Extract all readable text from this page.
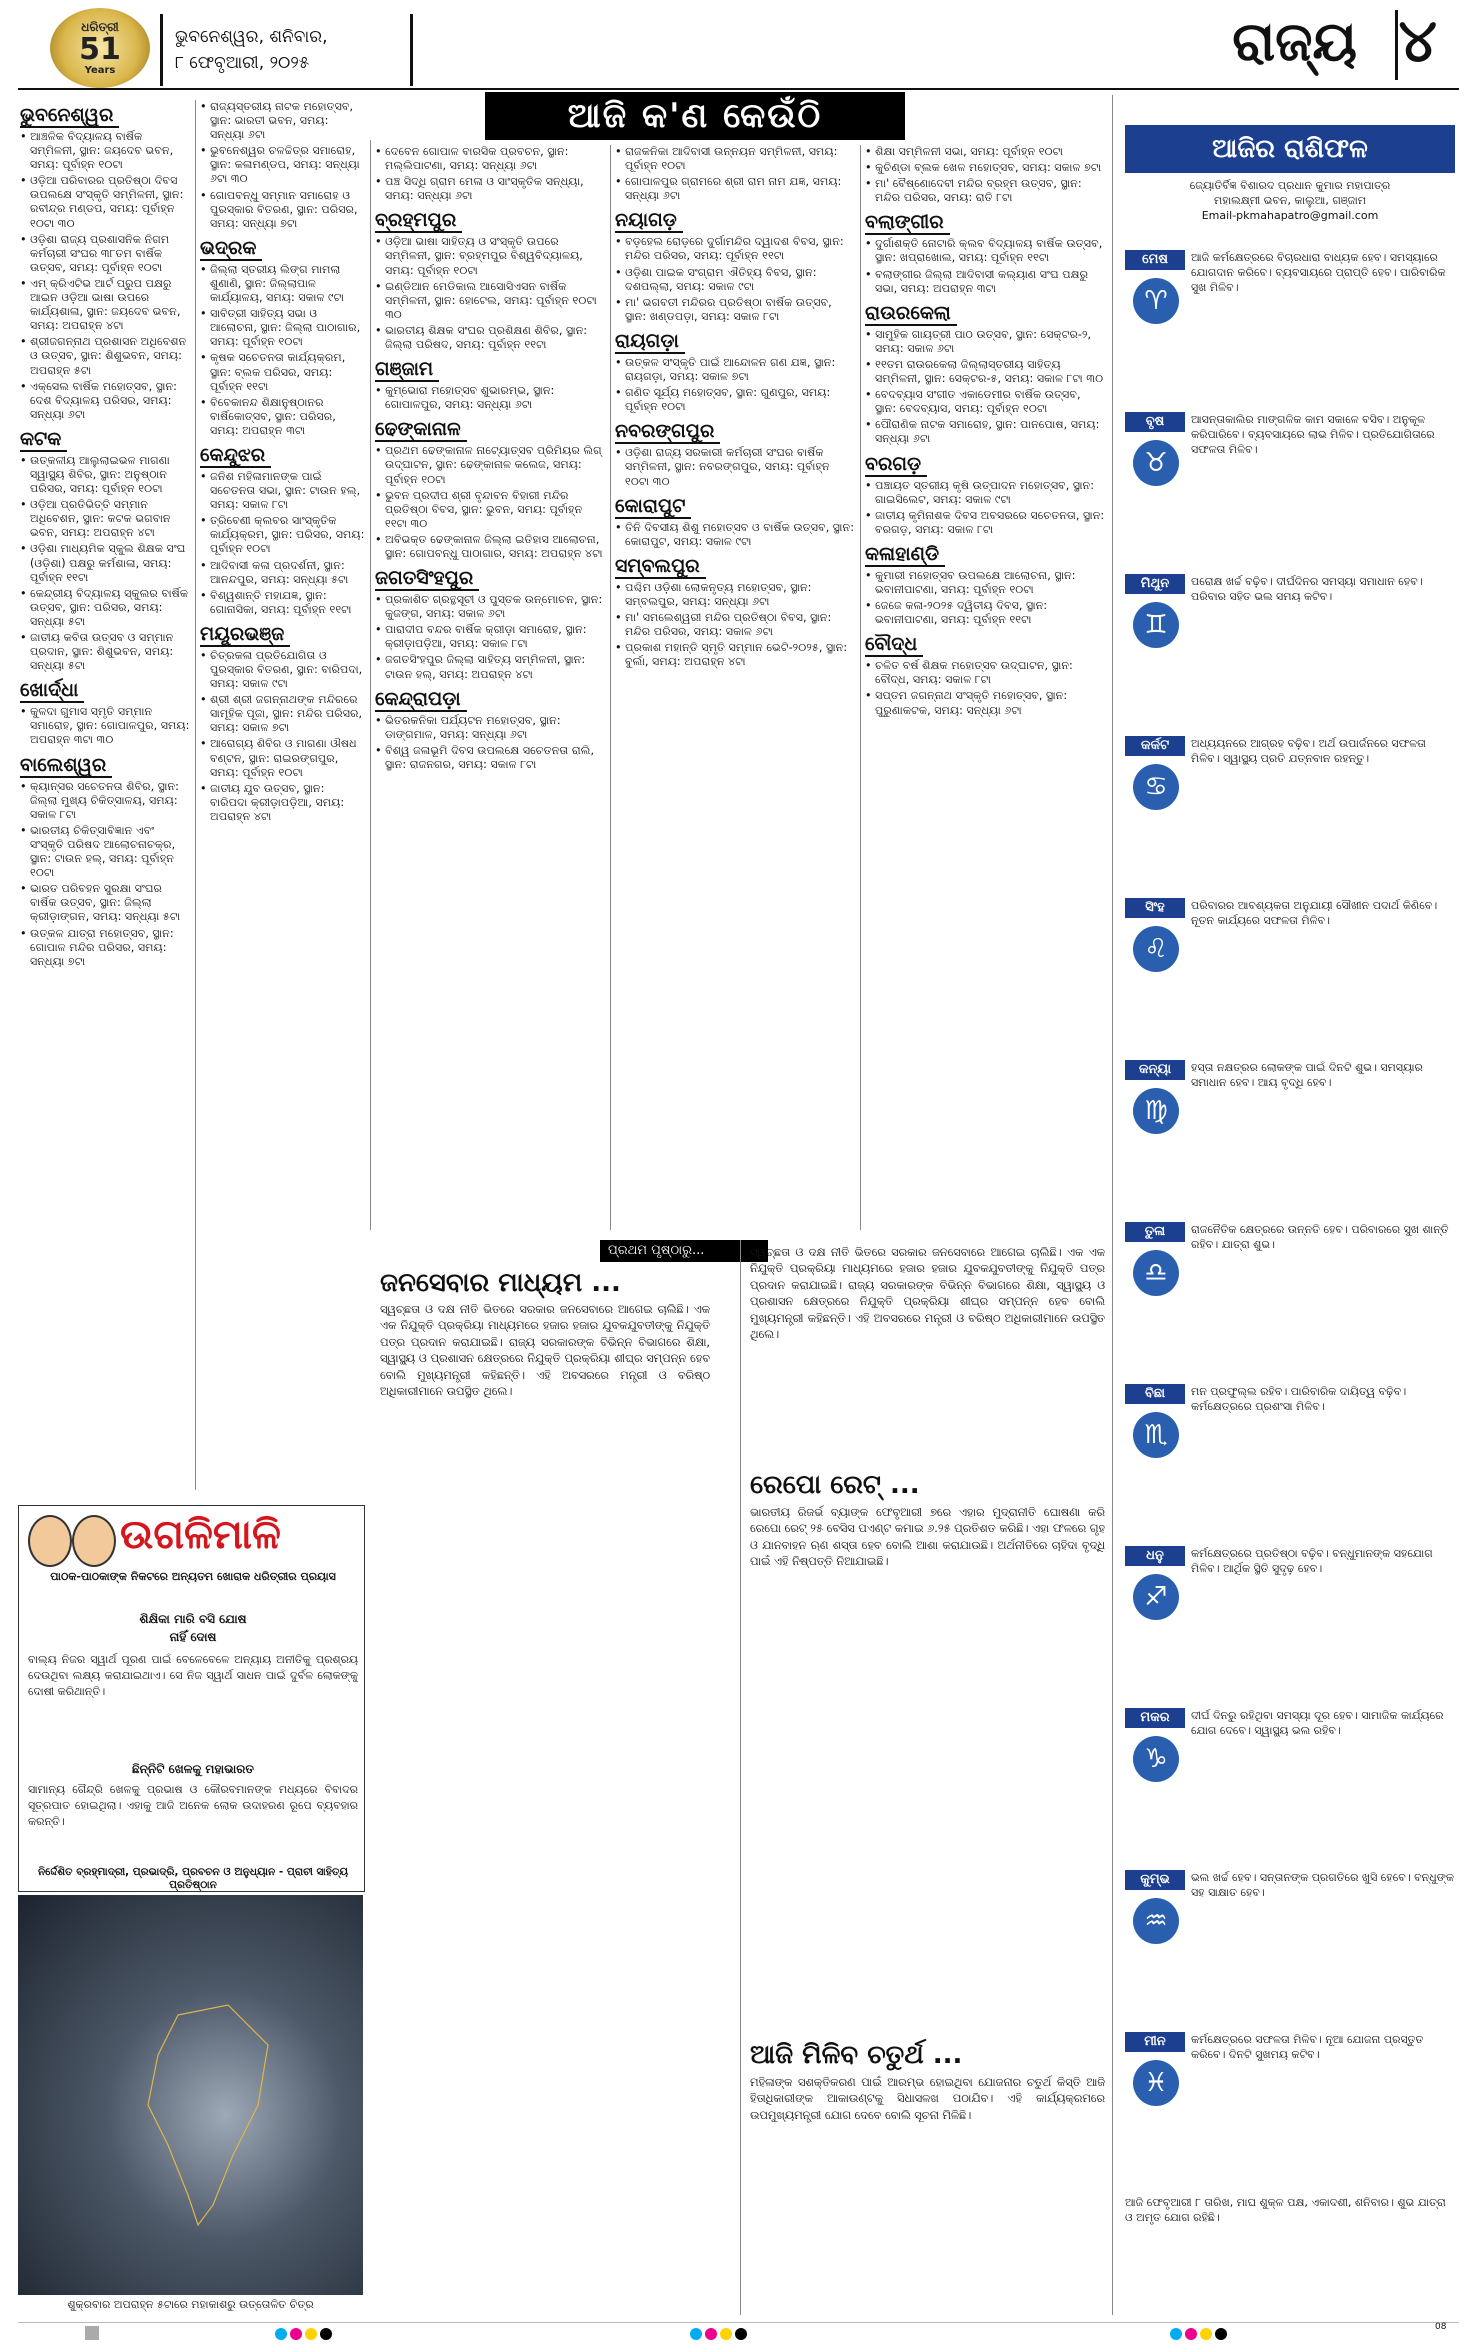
ଧରିତ୍ରୀ
51
Years
ଭୁବନେଶ୍ୱର, ଶନିବାର,
୮ ଫେବୃଆରୀ, ୨୦୨୫	ରାଜ୍ୟ ୪
ଆଜି କ'ଣ କେଉଁଠି
ଭୁବନେଶ୍ୱର
• ଆଞ୍ଚଳିକ ବିଦ୍ୟାଳୟ ବାର୍ଷିକ ସମ୍ମିଳନୀ, ସ୍ଥାନ: ଜୟଦେବ ଭବନ, ସମୟ: ପୂର୍ବାହ୍ନ ୧୦ଟା
• ଓଡ଼ିଆ ପରିବାରର ପ୍ରତିଷ୍ଠା ଦିବସ ଉପଲକ୍ଷେ ସଂସ୍କୃତି ସମ୍ମିଳନୀ, ସ୍ଥାନ: ରବୀନ୍ଦ୍ର ମଣ୍ଡପ, ସମୟ: ପୂର୍ବାହ୍ନ ୧୦ଟା ୩୦
• ଓଡ଼ିଶା ରାଜ୍ୟ ପ୍ରଶାସନିକ ନିଗମ କର୍ମଚାରୀ ସଂଘର ୩୮ତମ ବାର୍ଷିକ ଉତ୍ସବ, ସମୟ: ପୂର୍ବାହ୍ନ ୧୦ଟା
• ଏମ୍ କ୍ରିଏଟିଭ ଆର୍ଟ ପ୍ରୁପ ପକ୍ଷରୁ ଆଇନ ଓଡ଼ିଆ ଭାଷା ଉପରେ କାର୍ଯ୍ୟଶାଳା, ସ୍ଥାନ: ଜୟଦେବ ଭବନ, ସମୟ: ଅପରାହ୍ନ ୪ଟା
• ଶ୍ରୀଜଗନ୍ନାଥ ପ୍ରଶାସନ ଅଧିବେଶନ ଓ ଉତ୍ସବ, ସ୍ଥାନ: ଶିଶୁଭବନ, ସମୟ: ଅପରାହ୍ନ ୫ଟା
• ଏକ୍ସେଲ ବାର୍ଷିକ ମହୋତ୍ସବ, ସ୍ଥାନ: ଦେଶ ବିଦ୍ୟାଳୟ ପରିସର, ସମୟ: ସନ୍ଧ୍ୟା ୬ଟା
କଟକ
• ଉତ୍କଳୀୟ ଆଲୁଲାଇଭଳ ମାଗଣା ସ୍ୱାସ୍ଥ୍ୟ ଶିବିର, ସ୍ଥାନ: ଅନୁଷ୍ଠାନ ପରିସର, ସମୟ: ପୂର୍ବାହ୍ନ ୧୦ଟା
• ଓଡ଼ିଆ ପ୍ରତିଭିତ୍ତି ସମ୍ମାନ ଅଧିବେଶନ, ସ୍ଥାନ: କଟକ ଭଗବାନ ଭବନ, ସମୟ: ଅପରାହ୍ନ ୪ଟା
• ଓଡ଼ିଶା ମାଧ୍ୟମିକ ସ୍କୁଲ ଶିକ୍ଷକ ସଂଘ (ଓଡ଼ିଶା) ପକ୍ଷରୁ କର୍ମଶାଳା, ସମୟ: ପୂର୍ବାହ୍ନ ୧୧ଟା
• କେନ୍ଦ୍ରୀୟ ବିଦ୍ୟାଳୟ ସ୍କୁଲର ବାର୍ଷିକ ଉତ୍ସବ, ସ୍ଥାନ: ପରିସର, ସମୟ: ସନ୍ଧ୍ୟା ୫ଟା
• ଜାତୀୟ କବିତା ଉତ୍ସବ ଓ ସମ୍ମାନ ପ୍ରଦାନ, ସ୍ଥାନ: ଶିଶୁଭବନ, ସମୟ: ସନ୍ଧ୍ୟା ୫ଟା
ଖୋର୍ଦ୍ଧା
• କୁଳଦା ଗୁମାସ ସ୍ମୃତି ସମ୍ମାନ ସମାରୋହ, ସ୍ଥାନ: ଗୋପାଳପୁର, ସମୟ: ଅପରାହ୍ନ ୩ଟା ୩୦
ବାଲେଶ୍ୱର
• କ୍ୟାନ୍ସର ସଚେତନତା ଶିବିର, ସ୍ଥାନ: ଜିଲ୍ଲା ମୁଖ୍ୟ ଚିକିତ୍ସାଳୟ, ସମୟ: ସକାଳ ୮ଟା
• ଭାରତୀୟ ଚିକିତ୍ସାବିଜ୍ଞାନ ଏବଂ ସଂସ୍କୃତି ପରିଷଦ ଆଲୋଚନାଚକ୍ର, ସ୍ଥାନ: ଟାଉନ ହଲ୍, ସମୟ: ପୂର୍ବାହ୍ନ ୧୦ଟା
• ଭାରତ ପରିବହନ ସୁରକ୍ଷା ସଂଘର ବାର୍ଷିକ ଉତ୍ସବ, ସ୍ଥାନ: ଜିଲ୍ଲା କ୍ରୀଡ଼ାଙ୍ଗନ, ସମୟ: ସନ୍ଧ୍ୟା ୫ଟା
• ଉତ୍କଳ ଯାତ୍ରା ମହୋତ୍ସବ, ସ୍ଥାନ: ଗୋପାଳ ମନ୍ଦିର ପରିସର, ସମୟ: ସନ୍ଧ୍ୟା ୭ଟା
• ରାଜ୍ୟସ୍ତରୀୟ ନାଟକ ମହୋତ୍ସବ, ସ୍ଥାନ: ଭାରତୀ ଭବନ, ସମୟ: ସନ୍ଧ୍ୟା ୬ଟା
• ଭୁବନେଶ୍ୱର ଚଳଚ୍ଚିତ୍ର ସମାରୋହ, ସ୍ଥାନ: କଳାମଣ୍ଡପ, ସମୟ: ସନ୍ଧ୍ୟା ୬ଟା ୩୦
• ଗୋପବନ୍ଧୁ ସମ୍ମାନ ସମାରୋହ ଓ ପୁରସ୍କାର ବିତରଣ, ସ୍ଥାନ: ପରିସର, ସମୟ: ସନ୍ଧ୍ୟା ୭ଟା
ଭଦ୍ରକ
• ଜିଲ୍ଲା ସ୍ତରୀୟ ଲିଙ୍ଗ ମାମଲା ଶୁଣାଣି, ସ୍ଥାନ: ଜିଲ୍ଲାପାଳ କାର୍ଯ୍ୟାଳୟ, ସମୟ: ସକାଳ ୯ଟା
• ସାବିତ୍ରୀ ସାହିତ୍ୟ ସଭା ଓ ଆଲୋଚନା, ସ୍ଥାନ: ଜିଲ୍ଲା ପାଠାଗାର, ସମୟ: ପୂର୍ବାହ୍ନ ୧୦ଟା
• କୃଷକ ସଚେତନତା କାର୍ଯ୍ୟକ୍ରମ, ସ୍ଥାନ: ବ୍ଲକ ପରିସର, ସମୟ: ପୂର୍ବାହ୍ନ ୧୧ଟା
• ବିବେକାନନ୍ଦ ଶିକ୍ଷାନୁଷ୍ଠାନର ବାର୍ଷିକୋତ୍ସବ, ସ୍ଥାନ: ପରିସର, ସମୟ: ଅପରାହ୍ନ ୩ଟା
କେନ୍ଦୁଝର
• ଜନିଶ ମହିଳାମାନଙ୍କ ପାଇଁ ସଚେତନତା ସଭା, ସ୍ଥାନ: ଟାଉନ ହଲ୍, ସମୟ: ସକାଳ ୮ଟା
• ତ୍ରିବେଣୀ କ୍ଲବର ସାଂସ୍କୃତିକ କାର୍ଯ୍ୟକ୍ରମ, ସ୍ଥାନ: ପରିସର, ସମୟ: ପୂର୍ବାହ୍ନ ୧୦ଟା
• ଆଦିବାସୀ କଳା ପ୍ରଦର୍ଶନୀ, ସ୍ଥାନ: ଆନନ୍ଦପୁର, ସମୟ: ସନ୍ଧ୍ୟା ୫ଟା
• ବିଶ୍ୱଶାନ୍ତି ମହାଯଜ୍ଞ, ସ୍ଥାନ: ଗୋନାସିକା, ସମୟ: ପୂର୍ବାହ୍ନ ୧୧ଟା
ମୟୂରଭଞ୍ଜ
• ଚିତ୍ରକଳା ପ୍ରତିଯୋଗିତା ଓ ପୁରସ୍କାର ବିତରଣ, ସ୍ଥାନ: ବାରିପଦା, ସମୟ: ସକାଳ ୯ଟା
• ଶ୍ରୀ ଶ୍ରୀ ଜଗନ୍ନାଥଙ୍କ ମନ୍ଦିରରେ ସାମୂହିକ ପୂଜା, ସ୍ଥାନ: ମନ୍ଦିର ପରିସର, ସମୟ: ସକାଳ ୭ଟା
• ଆରୋଗ୍ୟ ଶିବିର ଓ ମାଗଣା ଔଷଧ ବଣ୍ଟନ, ସ୍ଥାନ: ରାଇରଙ୍ଗପୁର, ସମୟ: ପୂର୍ବାହ୍ନ ୧୦ଟା
• ଜାତୀୟ ଯୁବ ଉତ୍ସବ, ସ୍ଥାନ: ବାରିପଦା କ୍ରୀଡ଼ାପଡ଼ିଆ, ସମୟ: ଅପରାହ୍ନ ୪ଟା
• ଦେବେନ ଗୋପାଳ ବାରସିକ ପ୍ରବଚନ, ସ୍ଥାନ: ମଲ୍ଲିପାଟଣା, ସମୟ: ସନ୍ଧ୍ୟା ୬ଟା
• ପଞ୍ଚ ସିଦ୍ଧି ଗ୍ରାମ ମେଳା ଓ ସାଂସ୍କୃତିକ ସନ୍ଧ୍ୟା, ସମୟ: ସନ୍ଧ୍ୟା ୬ଟା
ବ୍ରହ୍ମପୁର
• ଓଡ଼ିଆ ଭାଷା ସାହିତ୍ୟ ଓ ସଂସ୍କୃତି ଉପରେ ସମ୍ମିଳନୀ, ସ୍ଥାନ: ବ୍ରହ୍ମପୁର ବିଶ୍ୱବିଦ୍ୟାଳୟ, ସମୟ: ପୂର୍ବାହ୍ନ ୧୦ଟା
• ଇଣ୍ଡିଆନ ମେଡିକାଲ ଆସୋସିଏସନ ବାର୍ଷିକ ସମ୍ମିଳନୀ, ସ୍ଥାନ: ହୋଟେଲ, ସମୟ: ପୂର୍ବାହ୍ନ ୧୦ଟା ୩୦
• ଭାରତୀୟ ଶିକ୍ଷକ ସଂଘର ପ୍ରଶିକ୍ଷଣ ଶିବିର, ସ୍ଥାନ: ଜିଲ୍ଲା ପରିଷଦ, ସମୟ: ପୂର୍ବାହ୍ନ ୧୧ଟା
ଗଞ୍ଜାମ
• କୁମ୍ଭୋରା ମହୋତ୍ସବ ଶୁଭାରମ୍ଭ, ସ୍ଥାନ: ଗୋପାଳପୁର, ସମୟ: ସନ୍ଧ୍ୟା ୬ଟା
ଢେଙ୍କାନାଳ
• ପ୍ରଥମ ଢେଙ୍କାନାଳ ନାଟ୍ୟୋତ୍ସବ ପ୍ରିମିୟର ଲିଗ୍ ଉଦ୍‌ଘାଟନ, ସ୍ଥାନ: ଢେଙ୍କାନାଳ କଲେଜ, ସମୟ: ପୂର୍ବାହ୍ନ ୧୦ଟା
• ଭୁବନ ପ୍ରଦୀପ ଶ୍ରୀ ବୃନ୍ଦାବନ ବିହାରୀ ମନ୍ଦିର ପ୍ରତିଷ୍ଠା ବିବସ, ସ୍ଥାନ: ଭୁବନ, ସମୟ: ପୂର୍ବାହ୍ନ ୧୧ଟା ୩୦
• ଅବିଭକ୍ତ ଢେଙ୍କାନାଳ ଜିଲ୍ଲା ଇତିହାସ ଆଲୋଚନା, ସ୍ଥାନ: ଗୋପବନ୍ଧୁ ପାଠାଗାର, ସମୟ: ଅପରାହ୍ନ ୪ଟା
ଜଗତସିଂହପୁର
• ପ୍ରକାଶିତ ଗ୍ରନ୍ଥସୂଚୀ ଓ ପୁସ୍ତକ ଉନ୍ମୋଚନ, ସ୍ଥାନ: କୁଜଙ୍ଗ, ସମୟ: ସକାଳ ୬ଟା
• ପାରାଦୀପ ବନ୍ଦର ବାର୍ଷିକ କ୍ରୀଡ଼ା ସମାରୋହ, ସ୍ଥାନ: କ୍ରୀଡ଼ାପଡ଼ିଆ, ସମୟ: ସକାଳ ୮ଟା
• ଜଗତସିଂହପୁର ଜିଲ୍ଲା ସାହିତ୍ୟ ସମ୍ମିଳନୀ, ସ୍ଥାନ: ଟାଉନ ହଲ୍, ସମୟ: ଅପରାହ୍ନ ୪ଟା
କେନ୍ଦ୍ରାପଡ଼ା
• ଭିତରକନିକା ପର୍ଯ୍ୟଟନ ମହୋତ୍ସବ, ସ୍ଥାନ: ଡାଙ୍ଗମାଳ, ସମୟ: ସନ୍ଧ୍ୟା ୬ଟା
• ବିଶ୍ୱ ଜଳାଭୂମି ଦିବସ ଉପଲକ୍ଷେ ସଚେତନତା ରାଲି, ସ୍ଥାନ: ରାଜନଗର, ସମୟ: ସକାଳ ୮ଟା
• ରାଜକନିକା ଆଦିବାସୀ ଉନ୍ନୟନ ସମ୍ମିଳନୀ, ସମୟ: ପୂର୍ବାହ୍ନ ୧୦ଟା
• ଗୋପାଳପୁର ଗ୍ରାମରେ ଶ୍ରୀ ରାମ ନାମ ଯଜ୍ଞ, ସମୟ: ସନ୍ଧ୍ୟା ୬ଟା
ନୟାଗଡ଼
• ବଡ଼ହେଲ ରୋଡ଼ରେ ଦୁର୍ଗାମନ୍ଦିର ଦ୍ୱାଦଶ ବିବସ, ସ୍ଥାନ: ମନ୍ଦିର ପରିସର, ସମୟ: ପୂର୍ବାହ୍ନ ୧୧ଟା
• ଓଡ଼ିଶା ପାଇକ ସଂଗ୍ରାମ ଐତିହ୍ୟ ବିବସ, ସ୍ଥାନ: ଦଶପଲ୍ଲା, ସମୟ: ସକାଳ ୯ଟା
• ମା' ଭଗବତୀ ମନ୍ଦିରର ପ୍ରତିଷ୍ଠା ବାର୍ଷିକ ଉତ୍ସବ, ସ୍ଥାନ: ଖଣ୍ଡପଡ଼ା, ସମୟ: ସକାଳ ୮ଟା
ରାୟଗଡ଼ା
• ଉତ୍କଳ ସଂସ୍କୃତି ପାଇଁ ଆନ୍ଦୋଳନ ଗଣ ଯଜ୍ଞ, ସ୍ଥାନ: ରାୟଗଡ଼ା, ସମୟ: ସକାଳ ୭ଟା
• ଗଣିତ ସୂର୍ଯ୍ୟ ମହୋତ୍ସବ, ସ୍ଥାନ: ଗୁଣପୁର, ସମୟ: ପୂର୍ବାହ୍ନ ୧୦ଟା
ନବରଙ୍ଗପୁର
• ଓଡ଼ିଶା ରାଜ୍ୟ ସରକାରୀ କର୍ମଚାରୀ ସଂଘର ବାର୍ଷିକ ସମ୍ମିଳନୀ, ସ୍ଥାନ: ନବରଙ୍ଗପୁର, ସମୟ: ପୂର୍ବାହ୍ନ ୧୦ଟା ୩୦
କୋରାପୁଟ
• ତିନି ଦିବସୀୟ ଶିଶୁ ମହୋତ୍ସବ ଓ ବାର୍ଷିକ ଉତ୍ସବ, ସ୍ଥାନ: କୋରାପୁଟ, ସମୟ: ସକାଳ ୯ଟା
ସମ୍ବଲପୁର
• ପଶ୍ଚିମ ଓଡ଼ିଶା ଲୋକନୃତ୍ୟ ମହୋତ୍ସବ, ସ୍ଥାନ: ସମ୍ବଲପୁର, ସମୟ: ସନ୍ଧ୍ୟା ୬ଟା
• ମା' ସମଲେଶ୍ୱରୀ ମନ୍ଦିର ପ୍ରତିଷ୍ଠା ବିବସ, ସ୍ଥାନ: ମନ୍ଦିର ପରିସର, ସମୟ: ସକାଳ ୬ଟା
• ପ୍ରକାଶ ମହାନ୍ତି ସ୍ମୃତି ସମ୍ମାନ ଭେଟି-୨୦୨୫, ସ୍ଥାନ: ବୁର୍ଲା, ସମୟ: ଅପରାହ୍ନ ୪ଟା
• ଶିକ୍ଷା ସମ୍ମିଳନୀ ସଭା, ସମୟ: ପୂର୍ବାହ୍ନ ୧୦ଟା
• କୁଚିଣ୍ଡା ବ୍ଲକ ଖେଳ ମହୋତ୍ସବ, ସମୟ: ସକାଳ ୭ଟା
• ମା' ବୈଷ୍ଣୋଦେବୀ ମନ୍ଦିର ବ୍ରହ୍ମ ଉତ୍ସବ, ସ୍ଥାନ: ମନ୍ଦିର ପରିସର, ସମୟ: ରାତି ୮ଟା
ବଲାଙ୍ଗୀର
• ଦୁର୍ଗାଶକ୍ତି ନୋଟାରି କ୍ଲବ ବିଦ୍ୟାଳୟ ବାର୍ଷିକ ଉତ୍ସବ, ସ୍ଥାନ: ଖପ୍ରାଖୋଲ, ସମୟ: ପୂର୍ବାହ୍ନ ୧୧ଟା
• ବଲାଙ୍ଗୀର ଜିଲ୍ଲା ଆଦିବାସୀ କଲ୍ୟାଣ ସଂଘ ପକ୍ଷରୁ ସଭା, ସମୟ: ଅପରାହ୍ନ ୩ଟା
ରାଉରକେଲା
• ସାମୁହିକ ଗାୟତ୍ରୀ ପାଠ ଉତ୍ସବ, ସ୍ଥାନ: ସେକ୍ଟର-୨, ସମୟ: ସକାଳ ୬ଟା
• ୧୧ତମ ରାଉରକେଲା ଜିଲ୍ଲାସ୍ତରୀୟ ସାହିତ୍ୟ ସମ୍ମିଳନୀ, ସ୍ଥାନ: ସେକ୍ଟର-୫, ସମୟ: ସକାଳ ୮ଟା ୩୦
• ବେଦବ୍ୟାସ ସଂଗୀତ ଏକାଡେମୀର ବାର୍ଷିକ ଉତ୍ସବ, ସ୍ଥାନ: ବେଦବ୍ୟାସ, ସମୟ: ପୂର୍ବାହ୍ନ ୧୦ଟା
• ପୌରାଣିକ ନାଟକ ସମାରୋହ, ସ୍ଥାନ: ପାନପୋଷ, ସମୟ: ସନ୍ଧ୍ୟା ୬ଟା
ବରଗଡ଼
• ପଞ୍ଚାୟତ ସ୍ତରୀୟ କୃଷି ଉତ୍ପାଦନ ମହୋତ୍ସବ, ସ୍ଥାନ: ଗାଇସିଲେଟ, ସମୟ: ସକାଳ ୯ଟା
• ଜାତୀୟ କୃମିନାଶକ ଦିବସ ଅବସରରେ ସଚେତନତା, ସ୍ଥାନ: ବରଗଡ଼, ସମୟ: ସକାଳ ୮ଟା
କଳାହାଣ୍ଡି
• କୁମାରୀ ମହୋତ୍ସବ ଉପଲକ୍ଷେ ଆଲୋଚନା, ସ୍ଥାନ: ଭବାନୀପାଟଣା, ସମୟ: ପୂର୍ବାହ୍ନ ୧୦ଟା
• ଜେଜେ କଳା-୨୦୨୫ ଦ୍ୱିତୀୟ ଦିବସ, ସ୍ଥାନ: ଭବାନୀପାଟଣା, ସମୟ: ପୂର୍ବାହ୍ନ ୧୧ଟା
ବୌଦ୍ଧ
• ଚଳିତ ବର୍ଷ ଶିକ୍ଷକ ମହୋତ୍ସବ ଉଦ୍‌ଘାଟନ, ସ୍ଥାନ: ବୌଦ୍ଧ, ସମୟ: ସକାଳ ୮ଟା
• ସପ୍ତମ ଜଗନ୍ନାଥ ସଂସ୍କୃତି ମହୋତ୍ସବ, ସ୍ଥାନ: ପୁରୁଣାକଟକ, ସମୟ: ସନ୍ଧ୍ୟା ୬ଟା
ଆଜିର ରାଶିଫଳ
ଜ୍ୟୋତିର୍ବିଜ୍ଞ ବିଶାରଦ ପ୍ରଧାନ କୁମାର ମହାପାତ୍ର
ମହାଲକ୍ଷ୍ମୀ ଭବନ, କାଲୁଆ, ଗଞ୍ଜାମ
Email-pkmahapatro@gmail.com
ମେଷ
♈
ଆଜି କର୍ମକ୍ଷେତ୍ରରେ ବିଚାରଧାରା ବାଧ୍ୟକ ହେବ। ସମସ୍ୟାରେ ଯୋଗଦାନ କରିବେ। ବ୍ୟବସାୟରେ ପ୍ରାପ୍ତି ହେବ। ପାରିବାରିକ ସୁଖ ମିଳିବ।
ବୃଷ
♉
ଆସନ୍ତାକାଲିର ମାଙ୍ଗଳିକ କାମ ସକାଳେ ବସିବ। ଅନୁକୂଳ କରିପାରିବେ। ବ୍ୟବସାୟରେ ଲାଭ ମିଳିବ। ପ୍ରତିଯୋଗିତାରେ ସଫଳତା ମିଳିବ।
ମିଥୁନ
♊
ପରୋକ୍ଷ ଖର୍ଚ୍ଚ ବଢ଼ିବ। ଦୀର୍ଘଦିନର ସମସ୍ୟା ସମାଧାନ ହେବ। ପରିବାର ସହିତ ଭଲ ସମୟ କଟିବ।
କର୍କଟ
♋
ଅଧ୍ୟୟନରେ ଆଗ୍ରହ ବଢ଼ିବ। ଅର୍ଥ ଉପାର୍ଜନରେ ସଫଳତା ମିଳିବ। ସ୍ୱାସ୍ଥ୍ୟ ପ୍ରତି ଯତ୍ନବାନ ରହନ୍ତୁ।
ସିଂହ
♌
ପରିବାରର ଆବଶ୍ୟକତା ଅନୁଯାୟୀ ସୌଖୀନ ପଦାର୍ଥ କିଣିବେ। ନୂତନ କାର୍ଯ୍ୟରେ ସଫଳତା ମିଳିବ।
କନ୍ୟା
♍
ହସ୍ତା ନକ୍ଷତ୍ରର ଲୋକଙ୍କ ପାଇଁ ଦିନଟି ଶୁଭ। ସମସ୍ୟାର ସମାଧାନ ହେବ। ଆୟ ବୃଦ୍ଧି ହେବ।
ତୁଳା
♎
ରାଜନୈତିକ କ୍ଷେତ୍ରରେ ଉନ୍ନତି ହେବ। ପରିବାରରେ ସୁଖ ଶାନ୍ତି ରହିବ। ଯାତ୍ରା ଶୁଭ।
ବିଛା
♏
ମନ ପ୍ରଫୁଲ୍ଲ ରହିବ। ପାରିବାରିକ ଦାୟିତ୍ୱ ବଢ଼ିବ। କର୍ମକ୍ଷେତ୍ରରେ ପ୍ରଶଂସା ମିଳିବ।
ଧନୁ
♐
କର୍ମକ୍ଷେତ୍ରରେ ପ୍ରତିଷ୍ଠା ବଢ଼ିବ। ବନ୍ଧୁମାନଙ୍କ ସହଯୋଗ ମିଳିବ। ଆର୍ଥିକ ସ୍ଥିତି ସୁଦୃଢ଼ ହେବ।
ମକର
♑
ଦୀର୍ଘ ଦିନରୁ ରହିଥିବା ସମସ୍ୟା ଦୂର ହେବ। ସାମାଜିକ କାର୍ଯ୍ୟରେ ଯୋଗ ଦେବେ। ସ୍ୱାସ୍ଥ୍ୟ ଭଲ ରହିବ।
କୁମ୍ଭ
♒
ଭଲ ଖର୍ଚ୍ଚ ହେବ। ସନ୍ତାନଙ୍କ ପ୍ରଗତିରେ ଖୁସି ହେବେ। ବନ୍ଧୁଙ୍କ ସହ ସାକ୍ଷାତ ହେବ।
ମୀନ
♓
କର୍ମକ୍ଷେତ୍ରରେ ସଫଳତା ମିଳିବ। ନୂଆ ଯୋଜନା ପ୍ରସ୍ତୁତ କରିବେ। ଦିନଟି ସୁଖମୟ କଟିବ।
ଆଜି ଫେବୃଆରୀ ୮ ତାରିଖ, ମାଘ ଶୁକ୍ଳ ପକ୍ଷ, ଏକାଦଶୀ, ଶନିବାର। ଶୁଭ ଯାତ୍ରା ଓ ଅମୃତ ଯୋଗ ରହିଛି।
ପ୍ରଥମ ପୃଷ୍ଠାରୁ...
ଜନସେବାର ମାଧ୍ୟମ ...
ସ୍ୱଚ୍ଛତା ଓ ଦକ୍ଷ ନୀତି ଭିତରେ ସରକାର ଜନସେବାରେ ଆଗେଇ ଚାଲିଛି। ଏକ ଏକ ନିଯୁକ୍ତି ପ୍ରକ୍ରିୟା ମାଧ୍ୟମରେ ହଜାର ହଜାର ଯୁବକଯୁବତୀଙ୍କୁ ନିଯୁକ୍ତି ପତ୍ର ପ୍ରଦାନ କରାଯାଇଛି। ରାଜ୍ୟ ସରକାରଙ୍କ ବିଭିନ୍ନ ବିଭାଗରେ ଶିକ୍ଷା, ସ୍ୱାସ୍ଥ୍ୟ ଓ ପ୍ରଶାସନ କ୍ଷେତ୍ରରେ ନିଯୁକ୍ତି ପ୍ରକ୍ରିୟା ଶୀଘ୍ର ସମ୍ପନ୍ନ ହେବ ବୋଲି ମୁଖ୍ୟମନ୍ତ୍ରୀ କହିଛନ୍ତି। ଏହି ଅବସରରେ ମନ୍ତ୍ରୀ ଓ ବରିଷ୍ଠ ଅଧିକାରୀମାନେ ଉପସ୍ଥିତ ଥିଲେ।
ସ୍ୱଚ୍ଛତା ଓ ଦକ୍ଷ ନୀତି ଭିତରେ ସରକାର ଜନସେବାରେ ଆଗେଇ ଚାଲିଛି। ଏକ ଏକ ନିଯୁକ୍ତି ପ୍ରକ୍ରିୟା ମାଧ୍ୟମରେ ହଜାର ହଜାର ଯୁବକଯୁବତୀଙ୍କୁ ନିଯୁକ୍ତି ପତ୍ର ପ୍ରଦାନ କରାଯାଇଛି। ରାଜ୍ୟ ସରକାରଙ୍କ ବିଭିନ୍ନ ବିଭାଗରେ ଶିକ୍ଷା, ସ୍ୱାସ୍ଥ୍ୟ ଓ ପ୍ରଶାସନ କ୍ଷେତ୍ରରେ ନିଯୁକ୍ତି ପ୍ରକ୍ରିୟା ଶୀଘ୍ର ସମ୍ପନ୍ନ ହେବ ବୋଲି ମୁଖ୍ୟମନ୍ତ୍ରୀ କହିଛନ୍ତି। ଏହି ଅବସରରେ ମନ୍ତ୍ରୀ ଓ ବରିଷ୍ଠ ଅଧିକାରୀମାନେ ଉପସ୍ଥିତ ଥିଲେ।
ରେପୋ ରେଟ୍ ...
ଭାରତୀୟ ରିଜର୍ଭ ବ୍ୟାଙ୍କ ଫେବୃଆରୀ ୭ରେ ଏହାର ମୁଦ୍ରାନୀତି ଘୋଷଣା କରି ରେପୋ ରେଟ୍ ୨୫ ବେସିସ ପଏଣ୍ଟ କମାଇ ୬.୨୫ ପ୍ରତିଶତ କରିଛି। ଏହା ଫଳରେ ଗୃହ ଓ ଯାନବାହନ ଋଣ ଶସ୍ତା ହେବ ବୋଲି ଆଶା କରାଯାଉଛି। ଅର୍ଥନୀତିରେ ଚାହିଦା ବୃଦ୍ଧି ପାଇଁ ଏହି ନିଷ୍ପତ୍ତି ନିଆଯାଇଛି।
ଆଜି ମିଳିବ ଚତୁର୍ଥ ...
ମହିଳାଙ୍କ ସଶକ୍ତିକରଣ ପାଇଁ ଆରମ୍ଭ ହୋଇଥିବା ଯୋଜନାର ଚତୁର୍ଥ କିସ୍ତି ଆଜି ହିତାଧିକାରୀଙ୍କ ଆକାଉଣ୍ଟକୁ ସିଧାସଳଖ ପଠାଯିବ। ଏହି କାର୍ଯ୍ୟକ୍ରମରେ ଉପମୁଖ୍ୟମନ୍ତ୍ରୀ ଯୋଗ ଦେବେ ବୋଲି ସୂଚନା ମିଳିଛି।
ଉଗଳିମାଳି
ପାଠକ-ପାଠକାଙ୍କ ନିକଟରେ ଅନ୍ୟତମ ଖୋରାକ ଧରିତ୍ରୀର ପ୍ରୟାସ
ଶିକ୍ଷିକା ମାରି ବସି ଯୋଷ
ନାହିଁ ଦୋଷ
ବାଲ୍ୟ ନିଜର ସ୍ୱାର୍ଥ ପୂରଣ ପାଇଁ ବେଳେବେଳେ ଅନ୍ୟାୟ ଅନୀତିକୁ ପ୍ରଶ୍ରୟ ଦେଉଥିବା ଲକ୍ଷ୍ୟ କରାଯାଇଥାଏ। ସେ ନିଜ ସ୍ୱାର୍ଥ ସାଧନ ପାଇଁ ଦୁର୍ବଳ ଲୋକଙ୍କୁ ଦୋଷୀ କରିଥାନ୍ତି।
ଛିନ୍ନିଟି ଖେଳକୁ ମହାଭାରତ
ସାମାନ୍ୟ ଗୈନ୍ଦ୍ରି ଖେଳକୁ ପ୍ରଭାଷ ଓ କୌରବମାନଙ୍କ ମଧ୍ୟରେ ବିବାଦର ସୂତ୍ରପାତ ହୋଇଥିଲା। ଏହାକୁ ଆଜି ଅନେକ ଲୋକ ଉଦାହରଣ ରୂପେ ବ୍ୟବହାର କରନ୍ତି।
ନିର୍ଦ୍ଦେଶିତ ବ୍ରହ୍ମାଦ୍ରୀ, ପ୍ରଭାଦ୍ରି, ପ୍ରବଚନ ଓ ଅନୁଧ୍ୟାନ - ପ୍ରାଚୀ ସାହିତ୍ୟ ପ୍ରତିଷ୍ଠାନ
ଶୁକ୍ରବାର ଅପରାହ୍ନ ୫ଟାରେ ମହାକାଶରୁ ଉତ୍ତୋଳିତ ଚିତ୍ର
08
